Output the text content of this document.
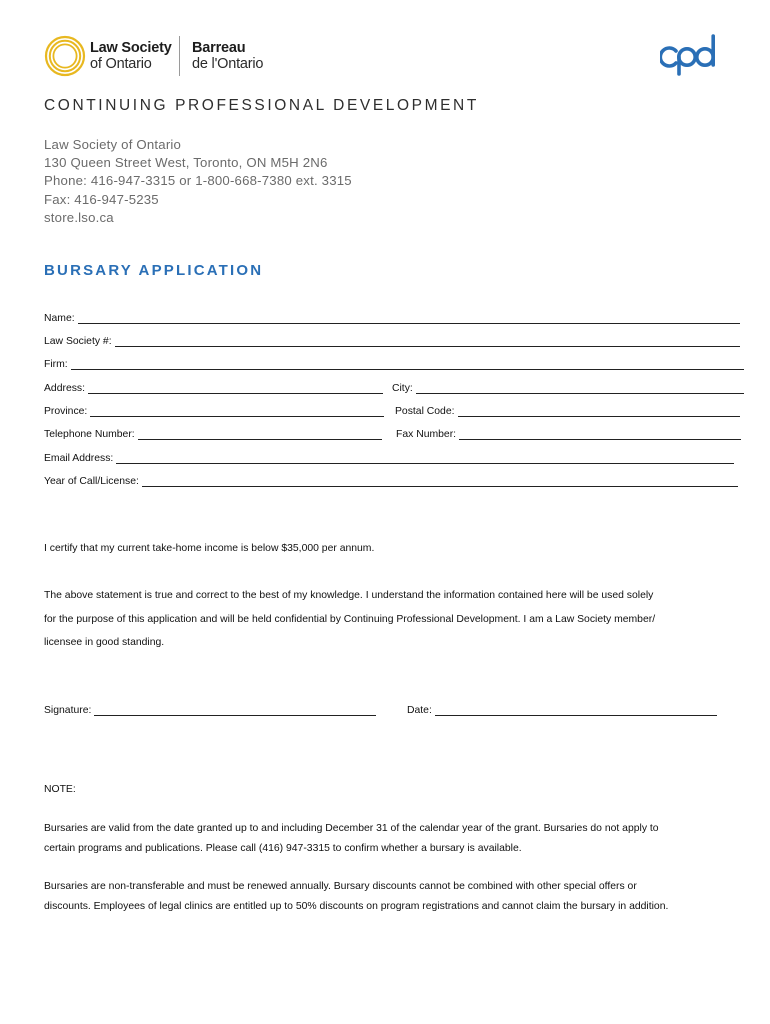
Law Society
of Ontario
Barreau
de l'Ontario
CONTINUING PROFESSIONAL DEVELOPMENT
Law Society of Ontario
130 Queen Street West, Toronto, ON M5H 2N6
Phone: 416-947-3315 or 1-800-668-7380 ext. 3315
Fax: 416-947-5235
store.lso.ca
BURSARY APPLICATION
Name:
Law Society #:
Firm:
Address:	City:
Province:	Postal Code:
Telephone Number:	Fax Number:
Email Address:
Year of Call/License:
I certify that my current take-home income is below $35,000 per annum.
The above statement is true and correct to the best of my knowledge. I understand the information contained here will be used solely
for the purpose of this application and will be held confidential by Continuing Professional Development. I am a Law Society member/
licensee in good standing.
Signature:	Date:
NOTE:
Bursaries are valid from the date granted up to and including December 31 of the calendar year of the grant. Bursaries do not apply to
certain programs and publications. Please call (416) 947-3315 to confirm whether a bursary is available.
Bursaries are non-transferable and must be renewed annually. Bursary discounts cannot be combined with other special offers or
discounts. Employees of legal clinics are entitled up to 50% discounts on program registrations and cannot claim the bursary in addition.
